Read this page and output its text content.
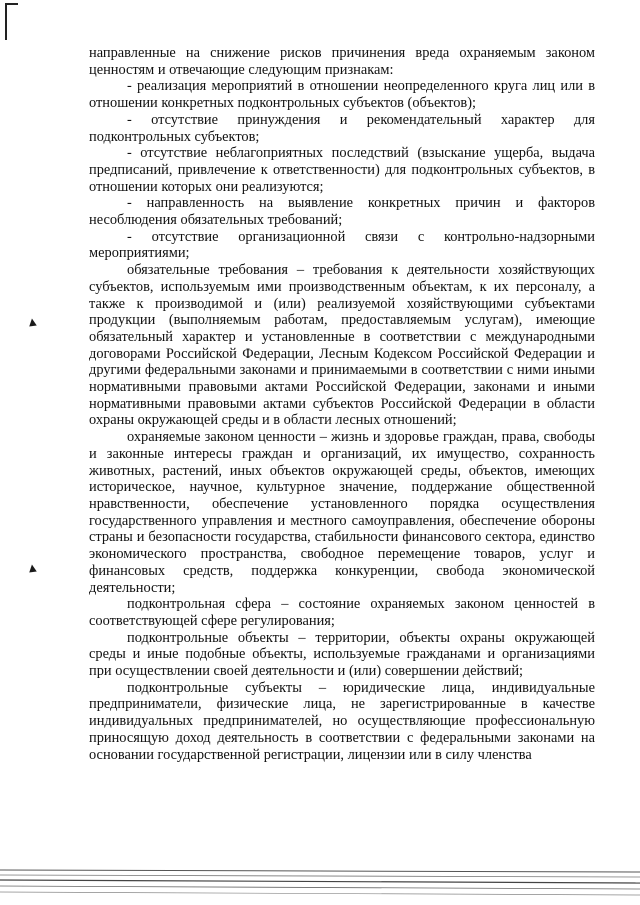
направленные на снижение рисков причинения вреда охраняемым законом ценностям и отвечающие следующим признакам:

- реализация мероприятий в отношении неопределенного круга лиц или в отношении конкретных подконтрольных субъектов (объектов);

- отсутствие принуждения и рекомендательный характер для подконтрольных субъектов;

- отсутствие неблагоприятных последствий (взыскание ущерба, выдача предписаний, привлечение к ответственности) для подконтрольных субъектов, в отношении которых они реализуются;

- направленность на выявление конкретных причин и факторов несоблюдения обязательных требований;

- отсутствие организационной связи с контрольно-надзорными мероприятиями;

обязательные требования – требования к деятельности хозяйствующих субъектов, используемым ими производственным объектам, к их персоналу, а также к производимой и (или) реализуемой хозяйствующими субъектами продукции (выполняемым работам, предоставляемым услугам), имеющие обязательный характер и установленные в соответствии с международными договорами Российской Федерации, Лесным Кодексом Российской Федерации и другими федеральными законами и принимаемыми в соответствии с ними иными нормативными правовыми актами Российской Федерации, законами и иными нормативными правовыми актами субъектов Российской Федерации в области охраны окружающей среды и в области лесных отношений;

охраняемые законом ценности – жизнь и здоровье граждан, права, свободы и законные интересы граждан и организаций, их имущество, сохранность животных, растений, иных объектов окружающей среды, объектов, имеющих историческое, научное, культурное значение, поддержание общественной нравственности, обеспечение установленного порядка осуществления государственного управления и местного самоуправления, обеспечение обороны страны и безопасности государства, стабильности финансового сектора, единство экономического пространства, свободное перемещение товаров, услуг и финансовых средств, поддержка конкуренции, свобода экономической деятельности;

подконтрольная сфера – состояние охраняемых законом ценностей в соответствующей сфере регулирования;

подконтрольные объекты – территории, объекты охраны окружающей среды и иные подобные объекты, используемые гражданами и организациями при осуществлении своей деятельности и (или) совершении действий;

подконтрольные субъекты – юридические лица, индивидуальные предприниматели, физические лица, не зарегистрированные в качестве индивидуальных предпринимателей, но осуществляющие профессиональную приносящую доход деятельность в соответствии с федеральными законами на основании государственной регистрации, лицензии или в силу членства

▲
▲
